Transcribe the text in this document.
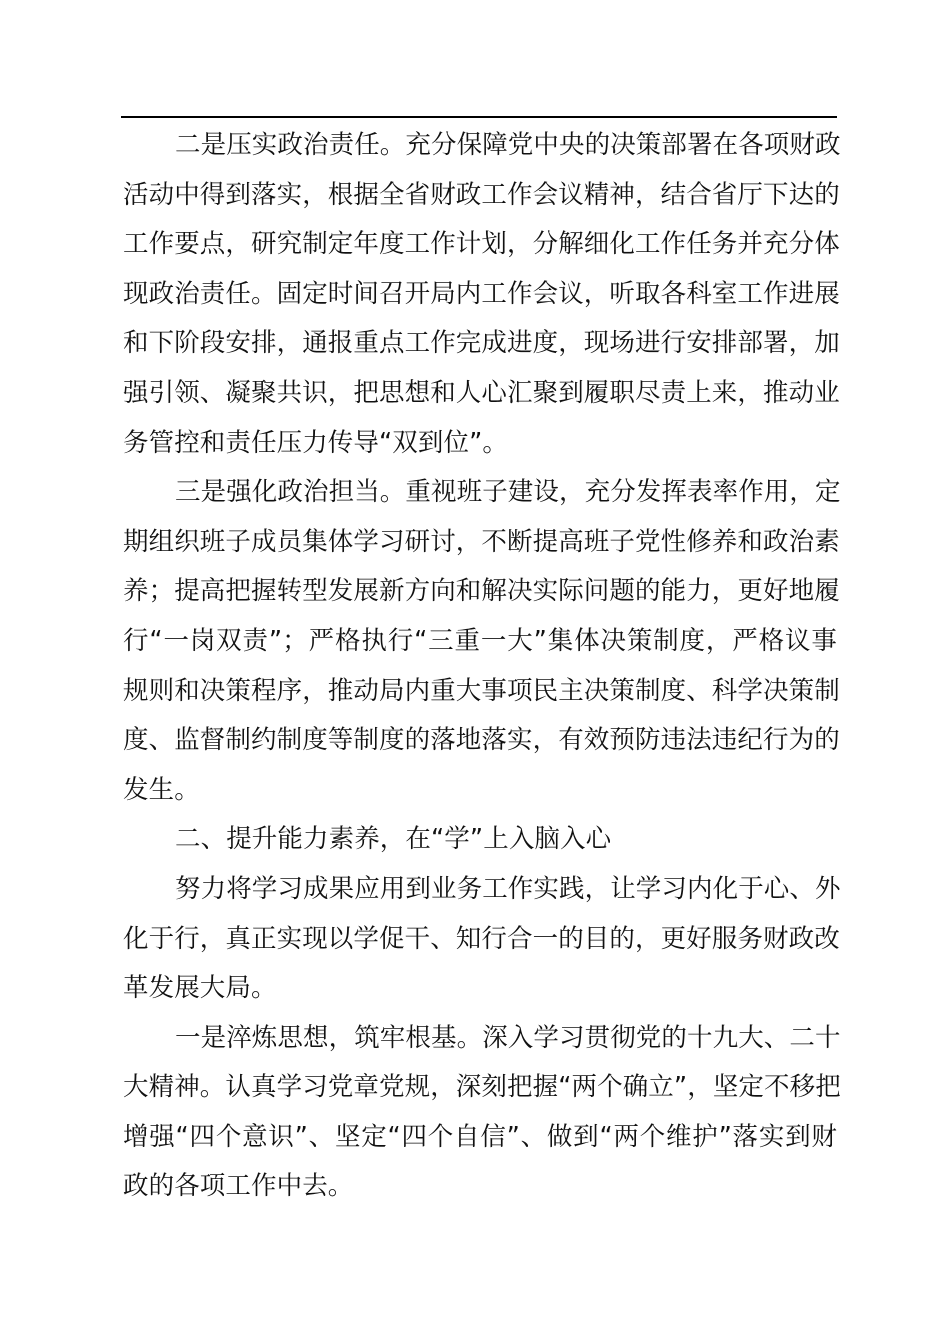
二是压实政治责任。充分保障党中央的决策部署在各项财政
活动中得到落实，根据全省财政工作会议精神，结合省厅下达的
工作要点，研究制定年度工作计划，分解细化工作任务并充分体
现政治责任。固定时间召开局内工作会议，听取各科室工作进展
和下阶段安排，通报重点工作完成进度，现场进行安排部署，加
强引领、凝聚共识，把思想和人心汇聚到履职尽责上来，推动业
务管控和责任压力传导“双到位”。
三是强化政治担当。重视班子建设，充分发挥表率作用，定
期组织班子成员集体学习研讨，不断提高班子党性修养和政治素
养；提高把握转型发展新方向和解决实际问题的能力，更好地履
行“一岗双责”；严格执行“三重一大”集体决策制度，严格议事
规则和决策程序，推动局内重大事项民主决策制度、科学决策制
度、监督制约制度等制度的落地落实，有效预防违法违纪行为的
发生。
二、提升能力素养，在“学”上入脑入心
努力将学习成果应用到业务工作实践，让学习内化于心、外
化于行，真正实现以学促干、知行合一的目的，更好服务财政改
革发展大局。
一是淬炼思想，筑牢根基。深入学习贯彻党的十九大、二十
大精神。认真学习党章党规，深刻把握“两个确立”，坚定不移把
增强“四个意识”、坚定“四个自信”、做到“两个维护”落实到财
政的各项工作中去。
